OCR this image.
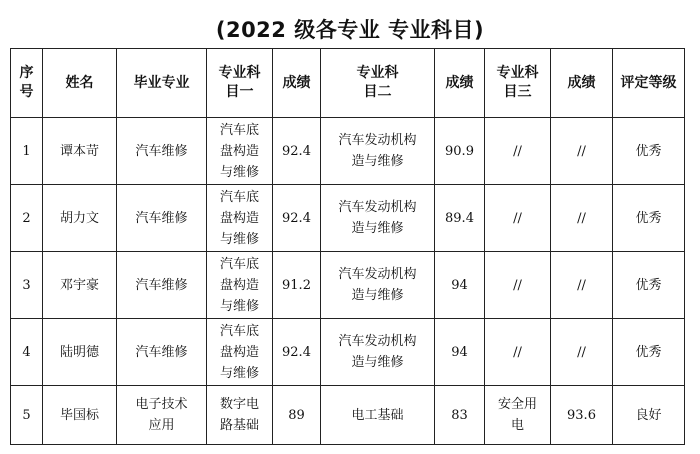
(2022 级各专业 专业科目)
序号	姓名	毕业专业	专业科目一	成绩	专业科目二	成绩	专业科目三	成绩	评定等级
1	谭本苛	汽车维修	汽车底盘构造与维修	92.4	汽车发动机构造与维修	90.9	//	//	优秀
2	胡力文	汽车维修	汽车底盘构造与维修	92.4	汽车发动机构造与维修	89.4	//	//	优秀
3	邓宇豪	汽车维修	汽车底盘构造与维修	91.2	汽车发动机构造与维修	94	//	//	优秀
4	陆明德	汽车维修	汽车底盘构造与维修	92.4	汽车发动机构造与维修	94	//	//	优秀
5	毕国标	电子技术应用	数字电路基础	89	电工基础	83	安全用电	93.6	良好
